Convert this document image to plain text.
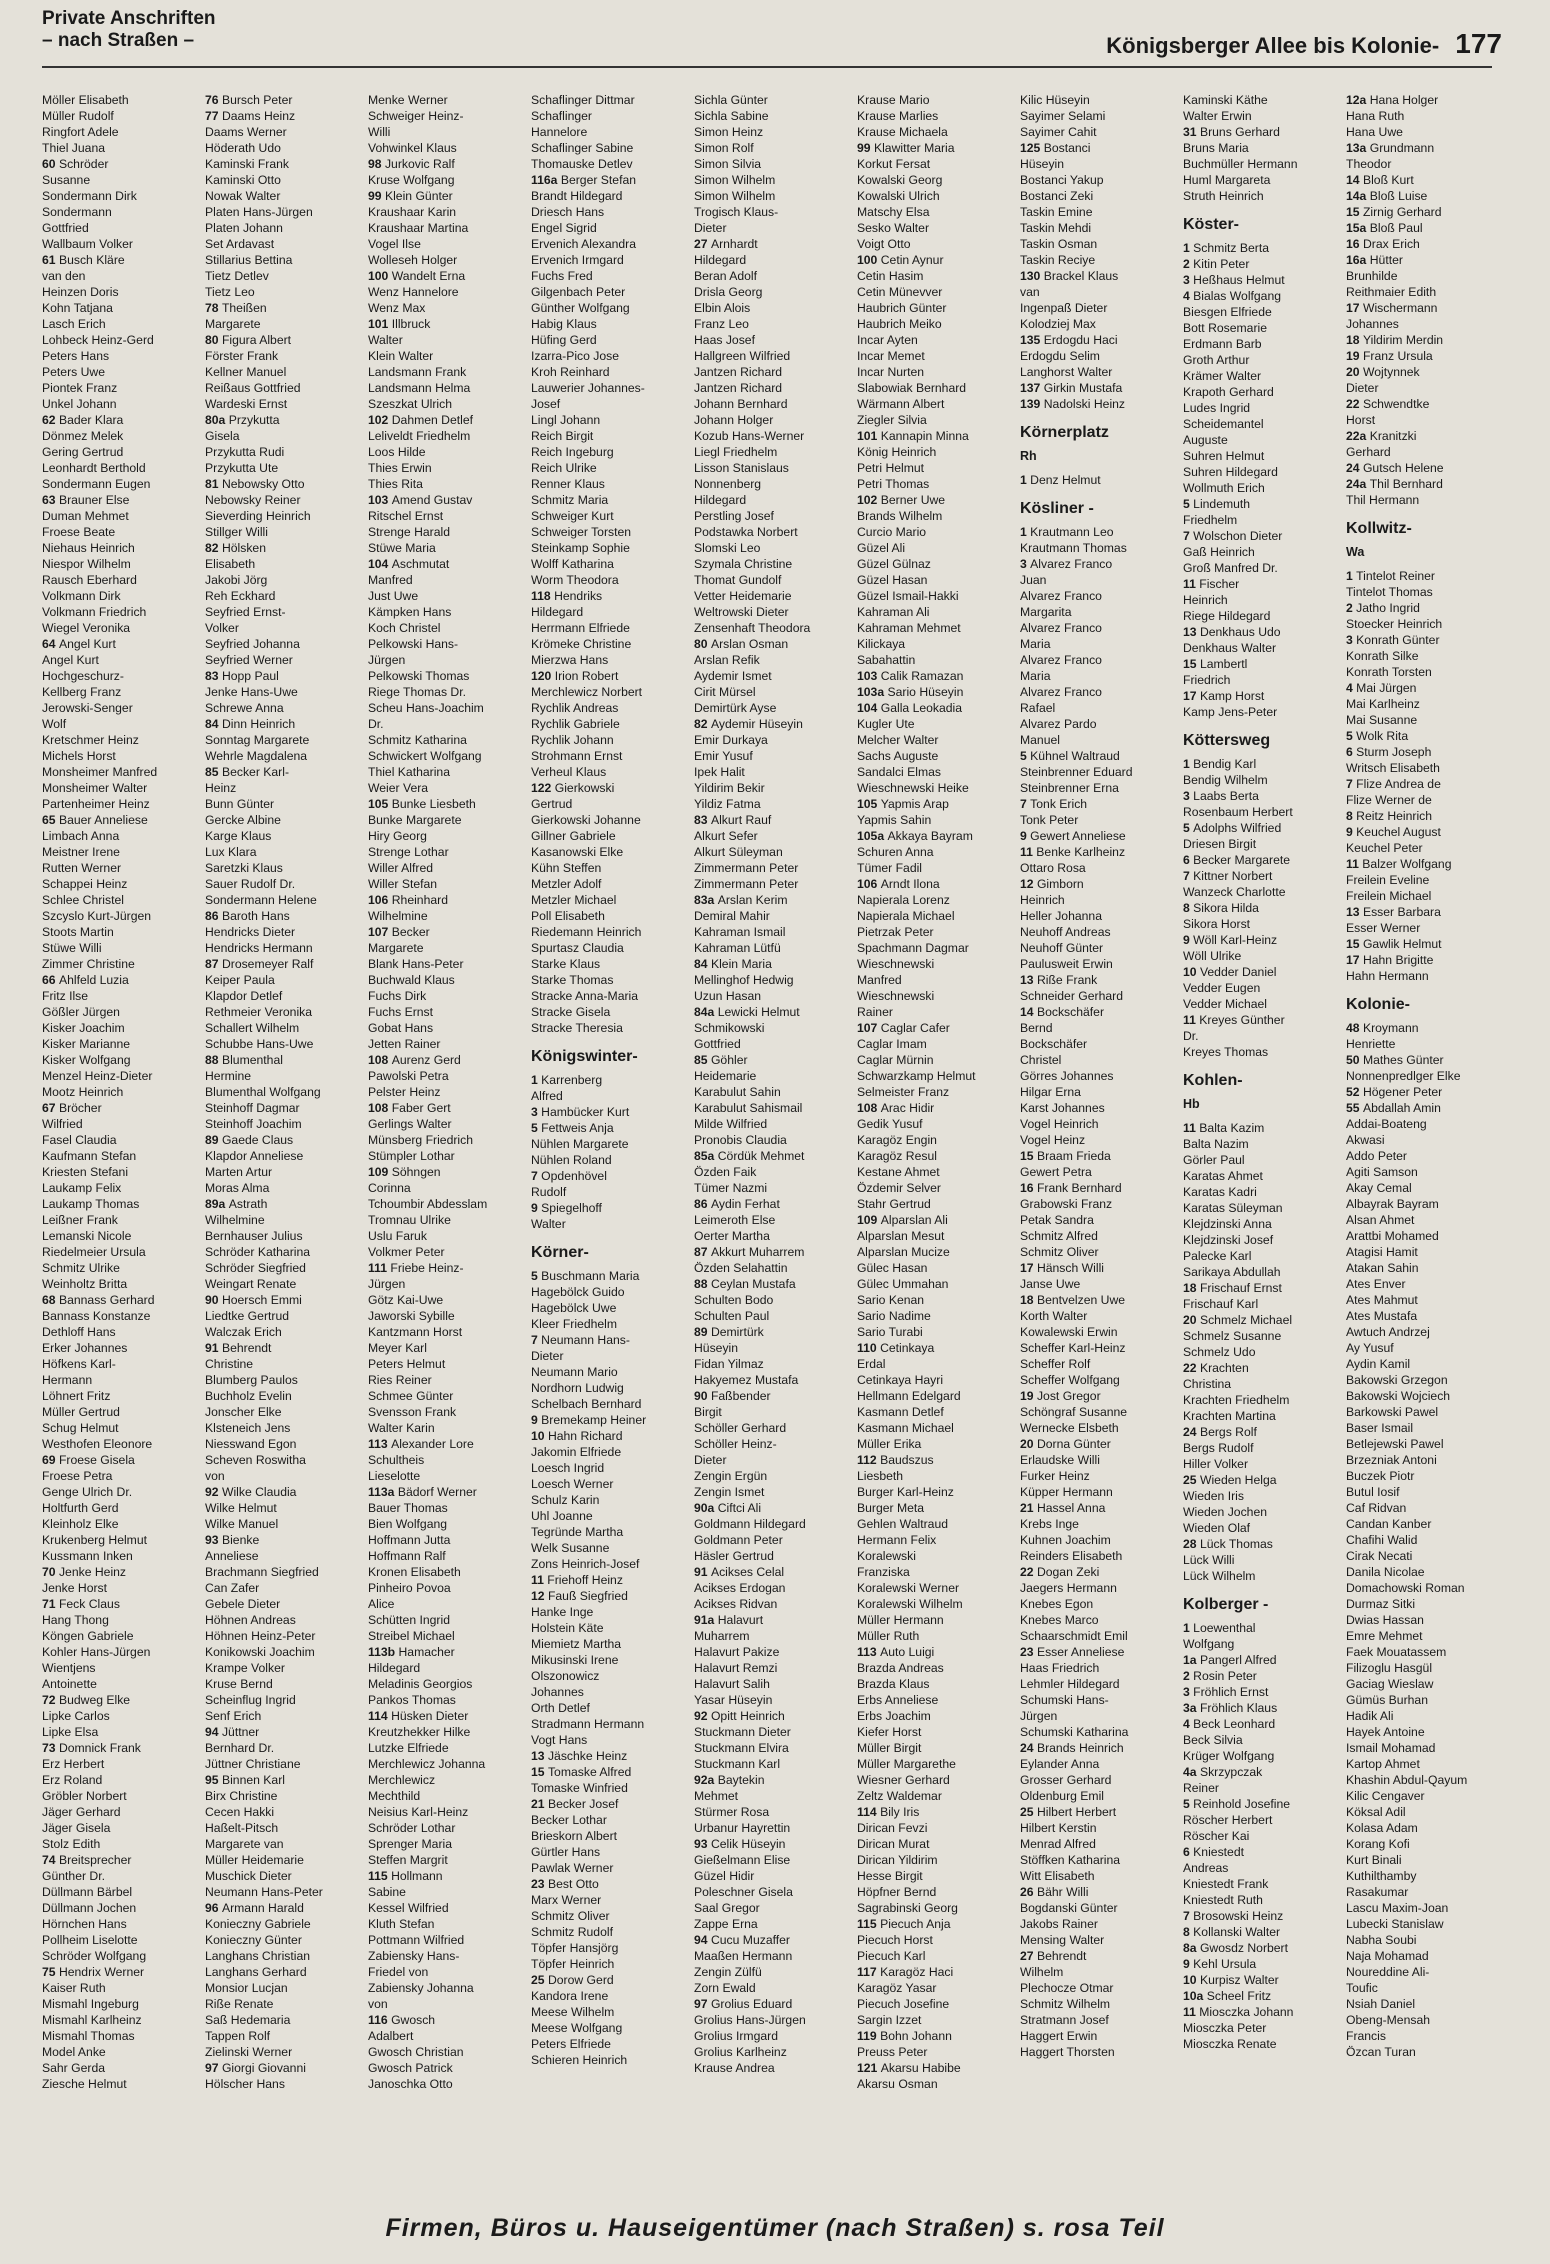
Private Anschriften
– nach Straßen –	Königsberger Allee bis Kolonie- 177
Möller Elisabeth
Müller Rudolf
Ringfort Adele
Thiel Juana
60 Schröder
Susanne
Sondermann Dirk
Sondermann
Gottfried
Wallbaum Volker
61 Busch Kläre
van den
Heinzen Doris
Kohn Tatjana
Lasch Erich
Lohbeck Heinz-Gerd
Peters Hans
Peters Uwe
Piontek Franz
Unkel Johann
62 Bader Klara
Dönmez Melek
Gering Gertrud
Leonhardt Berthold
Sondermann Eugen
63 Brauner Else
Duman Mehmet
Froese Beate
Niehaus Heinrich
Niespor Wilhelm
Rausch Eberhard
Volkmann Dirk
Volkmann Friedrich
Wiegel Veronika
64 Angel Kurt
Angel Kurt
Hochgeschurz-
Kellberg Franz
Jerowski-Senger
Wolf
Kretschmer Heinz
Michels Horst
Monsheimer Manfred
Monsheimer Walter
Partenheimer Heinz
65 Bauer Anneliese
Limbach Anna
Meistner Irene
Rutten Werner
Schappei Heinz
Schlee Christel
Szcyslo Kurt-Jürgen
Stoots Martin
Stüwe Willi
Zimmer Christine
66 Ahlfeld Luzia
Fritz Ilse
Gößler Jürgen
Kisker Joachim
Kisker Marianne
Kisker Wolfgang
Menzel Heinz-Dieter
Mootz Heinrich
67 Bröcher
Wilfried
Fasel Claudia
Kaufmann Stefan
Kriesten Stefani
Laukamp Felix
Laukamp Thomas
Leißner Frank
Lemanski Nicole
Riedelmeier Ursula
Schmitz Ulrike
Weinholtz Britta
68 Bannass Gerhard
Bannass Konstanze
Dethloff Hans
Erker Johannes
Höfkens Karl-
Hermann
Löhnert Fritz
Müller Gertrud
Schug Helmut
Westhofen Eleonore
69 Froese Gisela
Froese Petra
Genge Ulrich Dr.
Holtfurth Gerd
Kleinholz Elke
Krukenberg Helmut
Kussmann Inken
70 Jenke Heinz
Jenke Horst
71 Feck Claus
Hang Thong
Köngen Gabriele
Kohler Hans-Jürgen
Wientjens
Antoinette
72 Budweg Elke
Lipke Carlos
Lipke Elsa
73 Domnick Frank
Erz Herbert
Erz Roland
Gröbler Norbert
Jäger Gerhard
Jäger Gisela
Stolz Edith
74 Breitsprecher
Günther Dr.
Düllmann Bärbel
Düllmann Jochen
Hörnchen Hans
Pollheim Liselotte
Schröder Wolfgang
75 Hendrix Werner
Kaiser Ruth
Mismahl Ingeburg
Mismahl Karlheinz
Mismahl Thomas
Model Anke
Sahr Gerda
Ziesche Helmut
76 Bursch Peter
77 Daams Heinz
Daams Werner
Höderath Udo
Kaminski Frank
Kaminski Otto
Nowak Walter
Platen Hans-Jürgen
Platen Johann
Set Ardavast
Stillarius Bettina
Tietz Detlev
Tietz Leo
78 Theißen
Margarete
80 Figura Albert
Förster Frank
Kellner Manuel
Reißaus Gottfried
Wardeski Ernst
80a Przykutta
Gisela
Przykutta Rudi
Przykutta Ute
81 Nebowsky Otto
Nebowsky Reiner
Sieverding Heinrich
Stillger Willi
82 Hölsken
Elisabeth
Jakobi Jörg
Reh Eckhard
Seyfried Ernst-
Volker
Seyfried Johanna
Seyfried Werner
83 Hopp Paul
Jenke Hans-Uwe
Schrewe Anna
84 Dinn Heinrich
Sonntag Margarete
Wehrle Magdalena
85 Becker Karl-
Heinz
Bunn Günter
Gercke Albine
Karge Klaus
Lux Klara
Saretzki Klaus
Sauer Rudolf Dr.
Sondermann Helene
86 Baroth Hans
Hendricks Dieter
Hendricks Hermann
87 Drosemeyer Ralf
Keiper Paula
Klapdor Detlef
Rethmeier Veronika
Schallert Wilhelm
Schubbe Hans-Uwe
88 Blumenthal
Hermine
Blumenthal Wolfgang
Steinhoff Dagmar
Steinhoff Joachim
89 Gaede Claus
Klapdor Anneliese
Marten Artur
Moras Alma
89a Astrath
Wilhelmine
Bernhauser Julius
Schröder Katharina
Schröder Siegfried
Weingart Renate
90 Hoersch Emmi
Liedtke Gertrud
Walczak Erich
91 Behrendt
Christine
Blumberg Paulos
Buchholz Evelin
Jonscher Elke
Klsteneich Jens
Niesswand Egon
Scheven Roswitha
von
92 Wilke Claudia
Wilke Helmut
Wilke Manuel
93 Bienke
Anneliese
Brachmann Siegfried
Can Zafer
Gebele Dieter
Höhnen Andreas
Höhnen Heinz-Peter
Konikowski Joachim
Krampe Volker
Kruse Bernd
Scheinflug Ingrid
Senf Erich
94 Jüttner
Bernhard Dr.
Jüttner Christiane
95 Binnen Karl
Birx Christine
Cecen Hakki
Haßelt-Pitsch
Margarete van
Müller Heidemarie
Muschick Dieter
Neumann Hans-Peter
96 Armann Harald
Konieczny Gabriele
Konieczny Günter
Langhans Christian
Langhans Gerhard
Monsior Lucjan
Riße Renate
Saß Hedemaria
Tappen Rolf
Zielinski Werner
97 Giorgi Giovanni
Hölscher Hans
Menke Werner
Schweiger Heinz-
Willi
Vohwinkel Klaus
98 Jurkovic Ralf
Kruse Wolfgang
99 Klein Günter
Kraushaar Karin
Kraushaar Martina
Vogel Ilse
Wolleseh Holger
100 Wandelt Erna
Wenz Hannelore
Wenz Max
101 Illbruck
Walter
Klein Walter
Landsmann Frank
Landsmann Helma
Szeszkat Ulrich
102 Dahmen Detlef
Leliveldt Friedhelm
Loos Hilde
Thies Erwin
Thies Rita
103 Amend Gustav
Ritschel Ernst
Strenge Harald
Stüwe Maria
104 Aschmutat
Manfred
Just Uwe
Kämpken Hans
Koch Christel
Pelkowski Hans-
Jürgen
Pelkowski Thomas
Riege Thomas Dr.
Scheu Hans-Joachim
Dr.
Schmitz Katharina
Schwickert Wolfgang
Thiel Katharina
Weier Vera
105 Bunke Liesbeth
Bunke Margarete
Hiry Georg
Strenge Lothar
Willer Alfred
Willer Stefan
106 Rheinhard
Wilhelmine
107 Becker
Margarete
Blank Hans-Peter
Buchwald Klaus
Fuchs Dirk
Fuchs Ernst
Gobat Hans
Jetten Rainer
108 Aurenz Gerd
Pawolski Petra
Pelster Heinz
108 Faber Gert
Gerlings Walter
Münsberg Friedrich
Stümpler Lothar
109 Söhngen
Corinna
Tchoumbir Abdesslam
Tromnau Ulrike
Uslu Faruk
Volkmer Peter
111 Friebe Heinz-
Jürgen
Götz Kai-Uwe
Jaworski Sybille
Kantzmann Horst
Meyer Karl
Peters Helmut
Ries Reiner
Schmee Günter
Svensson Frank
Walter Karin
113 Alexander Lore
Schultheis
Lieselotte
113a Bädorf Werner
Bauer Thomas
Bien Wolfgang
Hoffmann Jutta
Hoffmann Ralf
Kronen Elisabeth
Pinheiro Povoa
Alice
Schütten Ingrid
Streibel Michael
113b Hamacher
Hildegard
Meladinis Georgios
Pankos Thomas
114 Hüsken Dieter
Kreutzhekker Hilke
Lutzke Elfriede
Merchlewicz Johanna
Merchlewicz
Mechthild
Neisius Karl-Heinz
Schröder Lothar
Sprenger Maria
Steffen Margrit
115 Hollmann
Sabine
Kessel Wilfried
Kluth Stefan
Pottmann Wilfried
Zabiensky Hans-
Friedel von
Zabiensky Johanna
von
116 Gwosch
Adalbert
Gwosch Christian
Gwosch Patrick
Janoschka Otto
Schaflinger Dittmar
Schaflinger
Hannelore
Schaflinger Sabine
Thomauske Detlev
116a Berger Stefan
Brandt Hildegard
Driesch Hans
Engel Sigrid
Ervenich Alexandra
Ervenich Irmgard
Fuchs Fred
Gilgenbach Peter
Günther Wolfgang
Habig Klaus
Hüfing Gerd
Izarra-Pico Jose
Kroh Reinhard
Lauwerier Johannes-
Josef
Lingl Johann
Reich Birgit
Reich Ingeburg
Reich Ulrike
Renner Klaus
Schmitz Maria
Schweiger Kurt
Schweiger Torsten
Steinkamp Sophie
Wolff Katharina
Worm Theodora
118 Hendriks
Hildegard
Herrmann Elfriede
Krömeke Christine
Mierzwa Hans
120 Irion Robert
Merchlewicz Norbert
Rychlik Andreas
Rychlik Gabriele
Rychlik Johann
Strohmann Ernst
Verheul Klaus
122 Gierkowski
Gertrud
Gierkowski Johanne
Gillner Gabriele
Kasanowski Elke
Kühn Steffen
Metzler Adolf
Metzler Michael
Poll Elisabeth
Riedemann Heinrich
Spurtasz Claudia
Starke Klaus
Starke Thomas
Stracke Anna-Maria
Stracke Gisela
Stracke Theresia
Königswinter-
1 Karrenberg
Alfred
3 Hambücker Kurt
5 Fettweis Anja
Nühlen Margarete
Nühlen Roland
7 Opdenhövel
Rudolf
9 Spiegelhoff
Walter
Körner-
5 Buschmann Maria
Hagebölck Guido
Hagebölck Uwe
Kleer Friedhelm
7 Neumann Hans-
Dieter
Neumann Mario
Nordhorn Ludwig
Schelbach Bernhard
9 Bremekamp Heiner
10 Hahn Richard
Jakomin Elfriede
Loesch Ingrid
Loesch Werner
Schulz Karin
Uhl Joanne
Tegründe Martha
Welk Susanne
Zons Heinrich-Josef
11 Friehoff Heinz
12 Fauß Siegfried
Hanke Inge
Holstein Käte
Miemietz Martha
Mikusinski Irene
Olszonowicz
Johannes
Orth Detlef
Stradmann Hermann
Vogt Hans
13 Jäschke Heinz
15 Tomaske Alfred
Tomaske Winfried
21 Becker Josef
Becker Lothar
Brieskorn Albert
Gürtler Hans
Pawlak Werner
23 Best Otto
Marx Werner
Schmitz Oliver
Schmitz Rudolf
Töpfer Hansjörg
Töpfer Heinrich
25 Dorow Gerd
Kandora Irene
Meese Wilhelm
Meese Wolfgang
Peters Elfriede
Schieren Heinrich
Sichla Günter
Sichla Sabine
Simon Heinz
Simon Rolf
Simon Silvia
Simon Wilhelm
Simon Wilhelm
Trogisch Klaus-
Dieter
27 Arnhardt
Hildegard
Beran Adolf
Drisla Georg
Elbin Alois
Franz Leo
Haas Josef
Hallgreen Wilfried
Jantzen Richard
Jantzen Richard
Johann Bernhard
Johann Holger
Kozub Hans-Werner
Liegl Friedhelm
Lisson Stanislaus
Nonnenberg
Hildegard
Perstling Josef
Podstawka Norbert
Slomski Leo
Szymala Christine
Thomat Gundolf
Vetter Heidemarie
Weltrowski Dieter
Zensenhaft Theodora
80 Arslan Osman
Arslan Refik
Aydemir Ismet
Cirit Mürsel
Demirtürk Ayse
82 Aydemir Hüseyin
Emir Durkaya
Emir Yusuf
Ipek Halit
Yildirim Bekir
Yildiz Fatma
83 Alkurt Rauf
Alkurt Sefer
Alkurt Süleyman
Zimmermann Peter
Zimmermann Peter
83a Arslan Kerim
Demiral Mahir
Kahraman Ismail
Kahraman Lütfü
84 Klein Maria
Mellinghof Hedwig
Uzun Hasan
84a Lewicki Helmut
Schmikowski
Gottfried
85 Göhler
Heidemarie
Karabulut Sahin
Karabulut Sahismail
Milde Wilfried
Pronobis Claudia
85a Cördük Mehmet
Özden Faik
Tümer Nazmi
86 Aydin Ferhat
Leimeroth Else
Oerter Martha
87 Akkurt Muharrem
Özden Selahattin
88 Ceylan Mustafa
Schulten Bodo
Schulten Paul
89 Demirtürk
Hüseyin
Fidan Yilmaz
Hakyemez Mustafa
90 Faßbender
Birgit
Schöller Gerhard
Schöller Heinz-
Dieter
Zengin Ergün
Zengin Ismet
90a Ciftci Ali
Goldmann Hildegard
Goldmann Peter
Häsler Gertrud
91 Acikses Celal
Acikses Erdogan
Acikses Ridvan
91a Halavurt
Muharrem
Halavurt Pakize
Halavurt Remzi
Halavurt Salih
Yasar Hüseyin
92 Opitt Heinrich
Stuckmann Dieter
Stuckmann Elvira
Stuckmann Karl
92a Baytekin
Mehmet
Stürmer Rosa
Urbanur Hayrettin
93 Celik Hüseyin
Gießelmann Elise
Güzel Hidir
Poleschner Gisela
Saal Gregor
Zappe Erna
94 Cucu Muzaffer
Maaßen Hermann
Zengin Zülfü
Zorn Ewald
97 Grolius Eduard
Grolius Hans-Jürgen
Grolius Irmgard
Grolius Karlheinz
Krause Andrea
Krause Mario
Krause Marlies
Krause Michaela
99 Klawitter Maria
Korkut Fersat
Kowalski Georg
Kowalski Ulrich
Matschy Elsa
Sesko Walter
Voigt Otto
100 Cetin Aynur
Cetin Hasim
Cetin Münevver
Haubrich Günter
Haubrich Meiko
Incar Ayten
Incar Memet
Incar Nurten
Slabowiak Bernhard
Wärmann Albert
Ziegler Silvia
101 Kannapin Minna
König Heinrich
Petri Helmut
Petri Thomas
102 Berner Uwe
Brands Wilhelm
Curcio Mario
Güzel Ali
Güzel Gülnaz
Güzel Hasan
Güzel Ismail-Hakki
Kahraman Ali
Kahraman Mehmet
Kilickaya
Sabahattin
103 Calik Ramazan
103a Sario Hüseyin
104 Galla Leokadia
Kugler Ute
Melcher Walter
Sachs Auguste
Sandalci Elmas
Wieschnewski Heike
105 Yapmis Arap
Yapmis Sahin
105a Akkaya Bayram
Schuren Anna
Tümer Fadil
106 Arndt Ilona
Napierala Lorenz
Napierala Michael
Pietrzak Peter
Spachmann Dagmar
Wieschnewski
Manfred
Wieschnewski
Rainer
107 Caglar Cafer
Caglar Imam
Caglar Mürnin
Schwarzkamp Helmut
Selmeister Franz
108 Arac Hidir
Gedik Yusuf
Karagöz Engin
Karagöz Resul
Kestane Ahmet
Özdemir Selver
Stahr Gertrud
109 Alparslan Ali
Alparslan Mesut
Alparslan Mucize
Gülec Hasan
Gülec Ummahan
Sario Kenan
Sario Nadime
Sario Turabi
110 Cetinkaya
Erdal
Cetinkaya Hayri
Hellmann Edelgard
Kasmann Detlef
Kasmann Michael
Müller Erika
112 Baudszus
Liesbeth
Burger Karl-Heinz
Burger Meta
Gehlen Waltraud
Hermann Felix
Koralewski
Franziska
Koralewski Werner
Koralewski Wilhelm
Müller Hermann
Müller Ruth
113 Auto Luigi
Brazda Andreas
Brazda Klaus
Erbs Anneliese
Erbs Joachim
Kiefer Horst
Müller Birgit
Müller Margarethe
Wiesner Gerhard
Zeltz Waldemar
114 Bily Iris
Dirican Fevzi
Dirican Murat
Dirican Yildirim
Hesse Birgit
Höpfner Bernd
Sagrabinski Georg
115 Piecuch Anja
Piecuch Horst
Piecuch Karl
117 Karagöz Haci
Karagöz Yasar
Piecuch Josefine
Sargin Izzet
119 Bohn Johann
Preuss Peter
121 Akarsu Habibe
Akarsu Osman
Kilic Hüseyin
Sayimer Selami
Sayimer Cahit
125 Bostanci
Hüseyin
Bostanci Yakup
Bostanci Zeki
Taskin Emine
Taskin Mehdi
Taskin Osman
Taskin Reciye
130 Brackel Klaus
van
Ingenpaß Dieter
Kolodziej Max
135 Erdogdu Haci
Erdogdu Selim
Langhorst Walter
137 Girkin Mustafa
139 Nadolski Heinz
Körnerplatz
Rh
1 Denz Helmut
Kösliner -
1 Krautmann Leo
Krautmann Thomas
3 Alvarez Franco
Juan
Alvarez Franco
Margarita
Alvarez Franco
Maria
Alvarez Franco
Maria
Alvarez Franco
Rafael
Alvarez Pardo
Manuel
5 Kühnel Waltraud
Steinbrenner Eduard
Steinbrenner Erna
7 Tonk Erich
Tonk Peter
9 Gewert Anneliese
11 Benke Karlheinz
Ottaro Rosa
12 Gimborn
Heinrich
Heller Johanna
Neuhoff Andreas
Neuhoff Günter
Paulusweit Erwin
13 Riße Frank
Schneider Gerhard
14 Bockschäfer
Bernd
Bockschäfer
Christel
Görres Johannes
Hilgar Erna
Karst Johannes
Vogel Heinrich
Vogel Heinz
15 Braam Frieda
Gewert Petra
16 Frank Bernhard
Grabowski Franz
Petak Sandra
Schmitz Alfred
Schmitz Oliver
17 Hänsch Willi
Janse Uwe
18 Bentvelzen Uwe
Korth Walter
Kowalewski Erwin
Scheffer Karl-Heinz
Scheffer Rolf
Scheffer Wolfgang
19 Jost Gregor
Schöngraf Susanne
Wernecke Elsbeth
20 Dorna Günter
Erlaudske Willi
Furker Heinz
Küpper Hermann
21 Hassel Anna
Krebs Inge
Kuhnen Joachim
Reinders Elisabeth
22 Dogan Zeki
Jaegers Hermann
Knebes Egon
Knebes Marco
Schaarschmidt Emil
23 Esser Anneliese
Haas Friedrich
Lehmler Hildegard
Schumski Hans-
Jürgen
Schumski Katharina
24 Brands Heinrich
Eylander Anna
Grosser Gerhard
Oldenburg Emil
25 Hilbert Herbert
Hilbert Kerstin
Menrad Alfred
Stöffken Katharina
Witt Elisabeth
26 Bähr Willi
Bogdanski Günter
Jakobs Rainer
Mensing Walter
27 Behrendt
Wilhelm
Plechocze Otmar
Schmitz Wilhelm
Stratmann Josef
Haggert Erwin
Haggert Thorsten
Kaminski Käthe
Walter Erwin
31 Bruns Gerhard
Bruns Maria
Buchmüller Hermann
Huml Margareta
Struth Heinrich
Köster-
1 Schmitz Berta
2 Kitin Peter
3 Heßhaus Helmut
4 Bialas Wolfgang
Biesgen Elfriede
Bott Rosemarie
Erdmann Barb
Groth Arthur
Krämer Walter
Krapoth Gerhard
Ludes Ingrid
Scheidemantel
Auguste
Suhren Helmut
Suhren Hildegard
Wollmuth Erich
5 Lindemuth
Friedhelm
7 Wolschon Dieter
Gaß Heinrich
Groß Manfred Dr.
11 Fischer
Heinrich
Riege Hildegard
13 Denkhaus Udo
Denkhaus Walter
15 Lambertl
Friedrich
17 Kamp Horst
Kamp Jens-Peter
Köttersweg
1 Bendig Karl
Bendig Wilhelm
3 Laabs Berta
Rosenbaum Herbert
5 Adolphs Wilfried
Driesen Birgit
6 Becker Margarete
7 Kittner Norbert
Wanzeck Charlotte
8 Sikora Hilda
Sikora Horst
9 Wöll Karl-Heinz
Wöll Ulrike
10 Vedder Daniel
Vedder Eugen
Vedder Michael
11 Kreyes Günther
Dr.
Kreyes Thomas
Kohlen-
Hb
11 Balta Kazim
Balta Nazim
Görler Paul
Karatas Ahmet
Karatas Kadri
Karatas Süleyman
Klejdzinski Anna
Klejdzinski Josef
Palecke Karl
Sarikaya Abdullah
18 Frischauf Ernst
Frischauf Karl
20 Schmelz Michael
Schmelz Susanne
Schmelz Udo
22 Krachten
Christina
Krachten Friedhelm
Krachten Martina
24 Bergs Rolf
Bergs Rudolf
Hiller Volker
25 Wieden Helga
Wieden Iris
Wieden Jochen
Wieden Olaf
28 Lück Thomas
Lück Willi
Lück Wilhelm
Kolberger -
1 Loewenthal
Wolfgang
1a Pangerl Alfred
2 Rosin Peter
3 Fröhlich Ernst
3a Fröhlich Klaus
4 Beck Leonhard
Beck Silvia
Krüger Wolfgang
4a Skrzypczak
Reiner
5 Reinhold Josefine
Röscher Herbert
Röscher Kai
6 Kniestedt
Andreas
Kniestedt Frank
Kniestedt Ruth
7 Brosowski Heinz
8 Kollanski Walter
8a Gwosdz Norbert
9 Kehl Ursula
10 Kurpisz Walter
10a Scheel Fritz
11 Miosczka Johann
Miosczka Peter
Miosczka Renate
12a Hana Holger
Hana Ruth
Hana Uwe
13a Grundmann
Theodor
14 Bloß Kurt
14a Bloß Luise
15 Zirnig Gerhard
15a Bloß Paul
16 Drax Erich
16a Hütter
Brunhilde
Reithmaier Edith
17 Wischermann
Johannes
18 Yildirim Merdin
19 Franz Ursula
20 Wojtynnek
Dieter
22 Schwendtke
Horst
22a Kranitzki
Gerhard
24 Gutsch Helene
24a Thil Bernhard
Thil Hermann
Kollwitz-
Wa
1 Tintelot Reiner
Tintelot Thomas
2 Jatho Ingrid
Stoecker Heinrich
3 Konrath Günter
Konrath Silke
Konrath Torsten
4 Mai Jürgen
Mai Karlheinz
Mai Susanne
5 Wolk Rita
6 Sturm Joseph
Writsch Elisabeth
7 Flize Andrea de
Flize Werner de
8 Reitz Heinrich
9 Keuchel August
Keuchel Peter
11 Balzer Wolfgang
Freilein Eveline
Freilein Michael
13 Esser Barbara
Esser Werner
15 Gawlik Helmut
17 Hahn Brigitte
Hahn Hermann
Kolonie-
48 Kroymann
Henriette
50 Mathes Günter
Nonnenpredlger Elke
52 Högener Peter
55 Abdallah Amin
Addai-Boateng
Akwasi
Addo Peter
Agiti Samson
Akay Cemal
Albayrak Bayram
Alsan Ahmet
Arattbi Mohamed
Atagisi Hamit
Atakan Sahin
Ates Enver
Ates Mahmut
Ates Mustafa
Awtuch Andrzej
Ay Yusuf
Aydin Kamil
Bakowski Grzegon
Bakowski Wojciech
Barkowski Pawel
Baser Ismail
Betlejewski Pawel
Brzezniak Antoni
Buczek Piotr
Butul Iosif
Caf Ridvan
Candan Kanber
Chafihi Walid
Cirak Necati
Danila Nicolae
Domachowski Roman
Durmaz Sitki
Dwias Hassan
Emre Mehmet
Faek Mouatassem
Filizoglu Hasgül
Gaciag Wieslaw
Gümüs Burhan
Hadik Ali
Hayek Antoine
Ismail Mohamad
Kartop Ahmet
Khashin Abdul-Qayum
Kilic Cengaver
Köksal Adil
Kolasa Adam
Korang Kofi
Kurt Binali
Kuthilthamby
Rasakumar
Lascu Maxim-Joan
Lubecki Stanislaw
Nabha Soubi
Naja Mohamad
Noureddine Ali-
Toufic
Nsiah Daniel
Obeng-Mensah
Francis
Özcan Turan
Firmen, Büros u. Hauseigentümer (nach Straßen) s. rosa Teil
